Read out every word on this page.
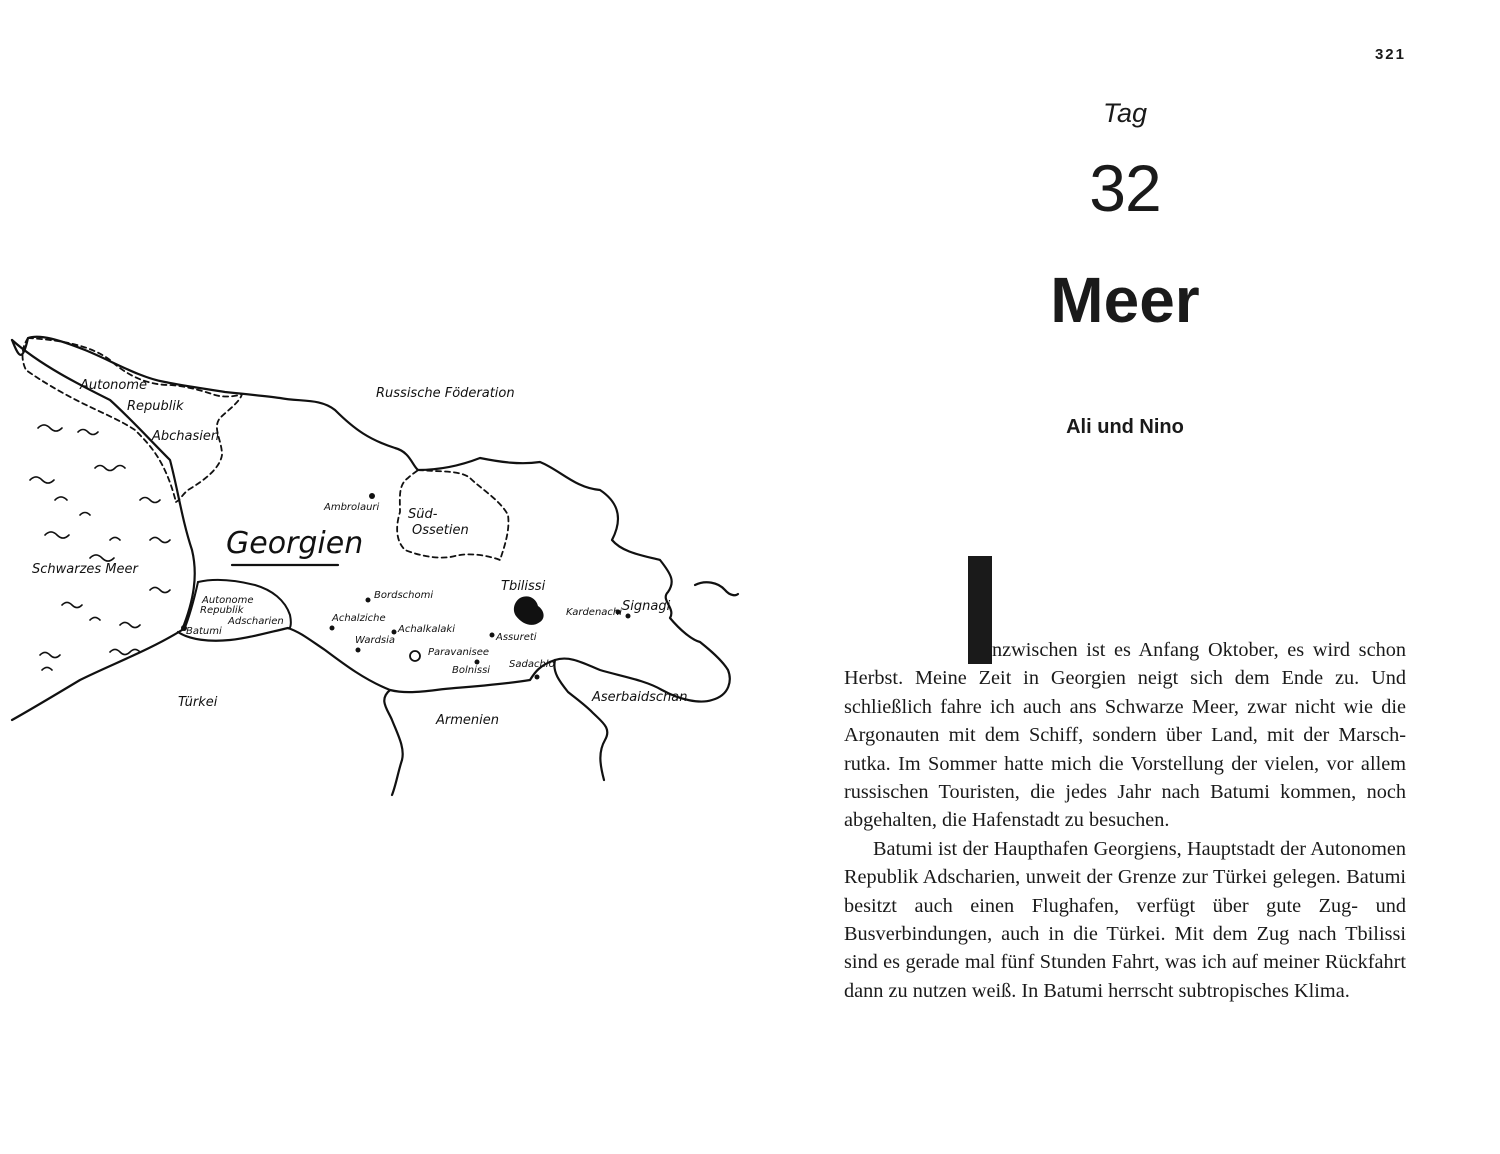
321
Tag
32
Meer
Ali und Nino
Russische Föderation
Autonome
Republik
Abchasien
Süd-
Ossetien
Schwarzes Meer
Georgien
Autonome
Republik
Adscharien
Türkei
Armenien
Aserbaidschan
Ambrolauri
Bordschomi
Achalziche
Achalkalaki
Wardsia
Paravanisee
Bolnissi
Assureti
Sadachlo
Tbilissi
Kardenachi Signagi
Batumi

nzwischen ist es Anfang Oktober, es wird schon Herbst. Meine Zeit in Georgien neigt sich dem Ende zu. Und schließlich fahre ich auch ans Schwarze Meer, zwar nicht wie die Argonauten mit dem Schiff, sondern über Land, mit der Marschrutka. Im Sommer hatte mich die Vorstellung der vielen, vor allem russischen Touristen, die jedes Jahr nach Batumi kommen, noch abgehalten, die Hafenstadt zu besuchen.

Batumi ist der Haupthafen Georgiens, Hauptstadt der Autonomen Republik Adscharien, unweit der Grenze zur Türkei gelegen. Batumi besitzt auch einen Flughafen, verfügt über gute Zug- und Busverbindungen, auch in die Türkei. Mit dem Zug nach Tbilissi sind es gerade mal fünf Stunden Fahrt, was ich auf meiner Rückfahrt dann zu nutzen weiß. In Batumi herrscht subtropisches Klima.
